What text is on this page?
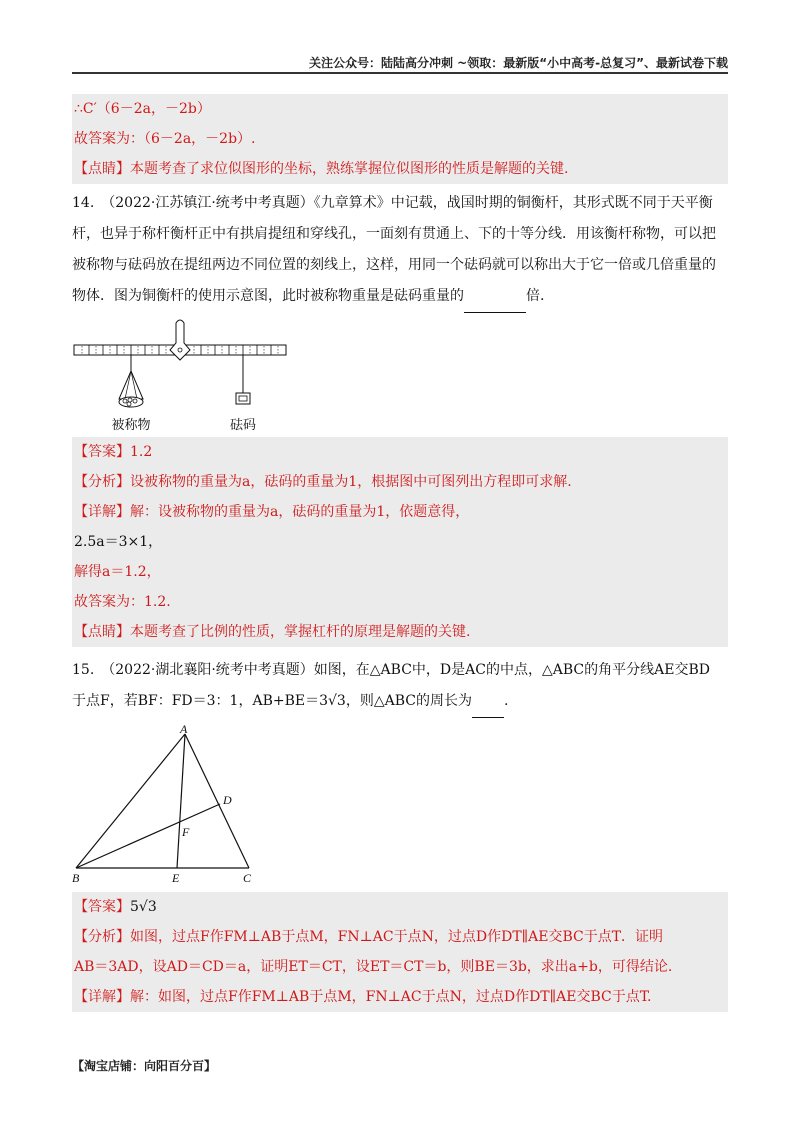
关注公众号：陆陆高分冲刺 ~领取：最新版“小中高考-总复习”、最新试卷下载
∴C′（6－2a，－2b）
故答案为：（6－2a，－2b）.
【点睛】本题考查了求位似图形的坐标，熟练掌握位似图形的性质是解题的关键.
14.　（2022·江苏镇江·统考中考真题）《九章算术》中记载，战国时期的铜衡杆，其形式既不同于天平衡杆，也异于称杆衡杆正中有拱肩提纽和穿线孔，一面刻有贯通上、下的十等分线．用该衡杆称物，可以把被称物与砝码放在提纽两边不同位置的刻线上，这样，用同一个砝码就可以称出大于它一倍或几倍重量的物体．图为铜衡杆的使用示意图，此时被称物重量是砝码重量的	倍.
被称物	砝码
【答案】1.2
【分析】设被称物的重量为a，砝码的重量为1，根据图中可图列出方程即可求解.
【详解】解：设被称物的重量为a，砝码的重量为1，依题意得，
2.5a＝3×1，
解得a＝1.2，
故答案为：1.2.
【点睛】本题考查了比例的性质，掌握杠杆的原理是解题的关键.
15.　（2022·湖北襄阳·统考中考真题）如图，在△ABC中，D是AC的中点，△ABC的角平分线AE交BD
于点F，若BF：FD＝3：1，AB+BE＝3√3，则△ABC的周长为 .
A
B	C
D
E
F
【答案】5√3
【分析】如图，过点F作FM⊥AB于点M，FN⊥AC于点N，过点D作DT∥AE交BC于点T．证明
AB＝3AD，设AD＝CD＝a，证明ET＝CT，设ET＝CT＝b，则BE＝3b，求出a+b，可得结论.
【详解】解：如图，过点F作FM⊥AB于点M，FN⊥AC于点N，过点D作DT∥AE交BC于点T.
【淘宝店铺：向阳百分百】
